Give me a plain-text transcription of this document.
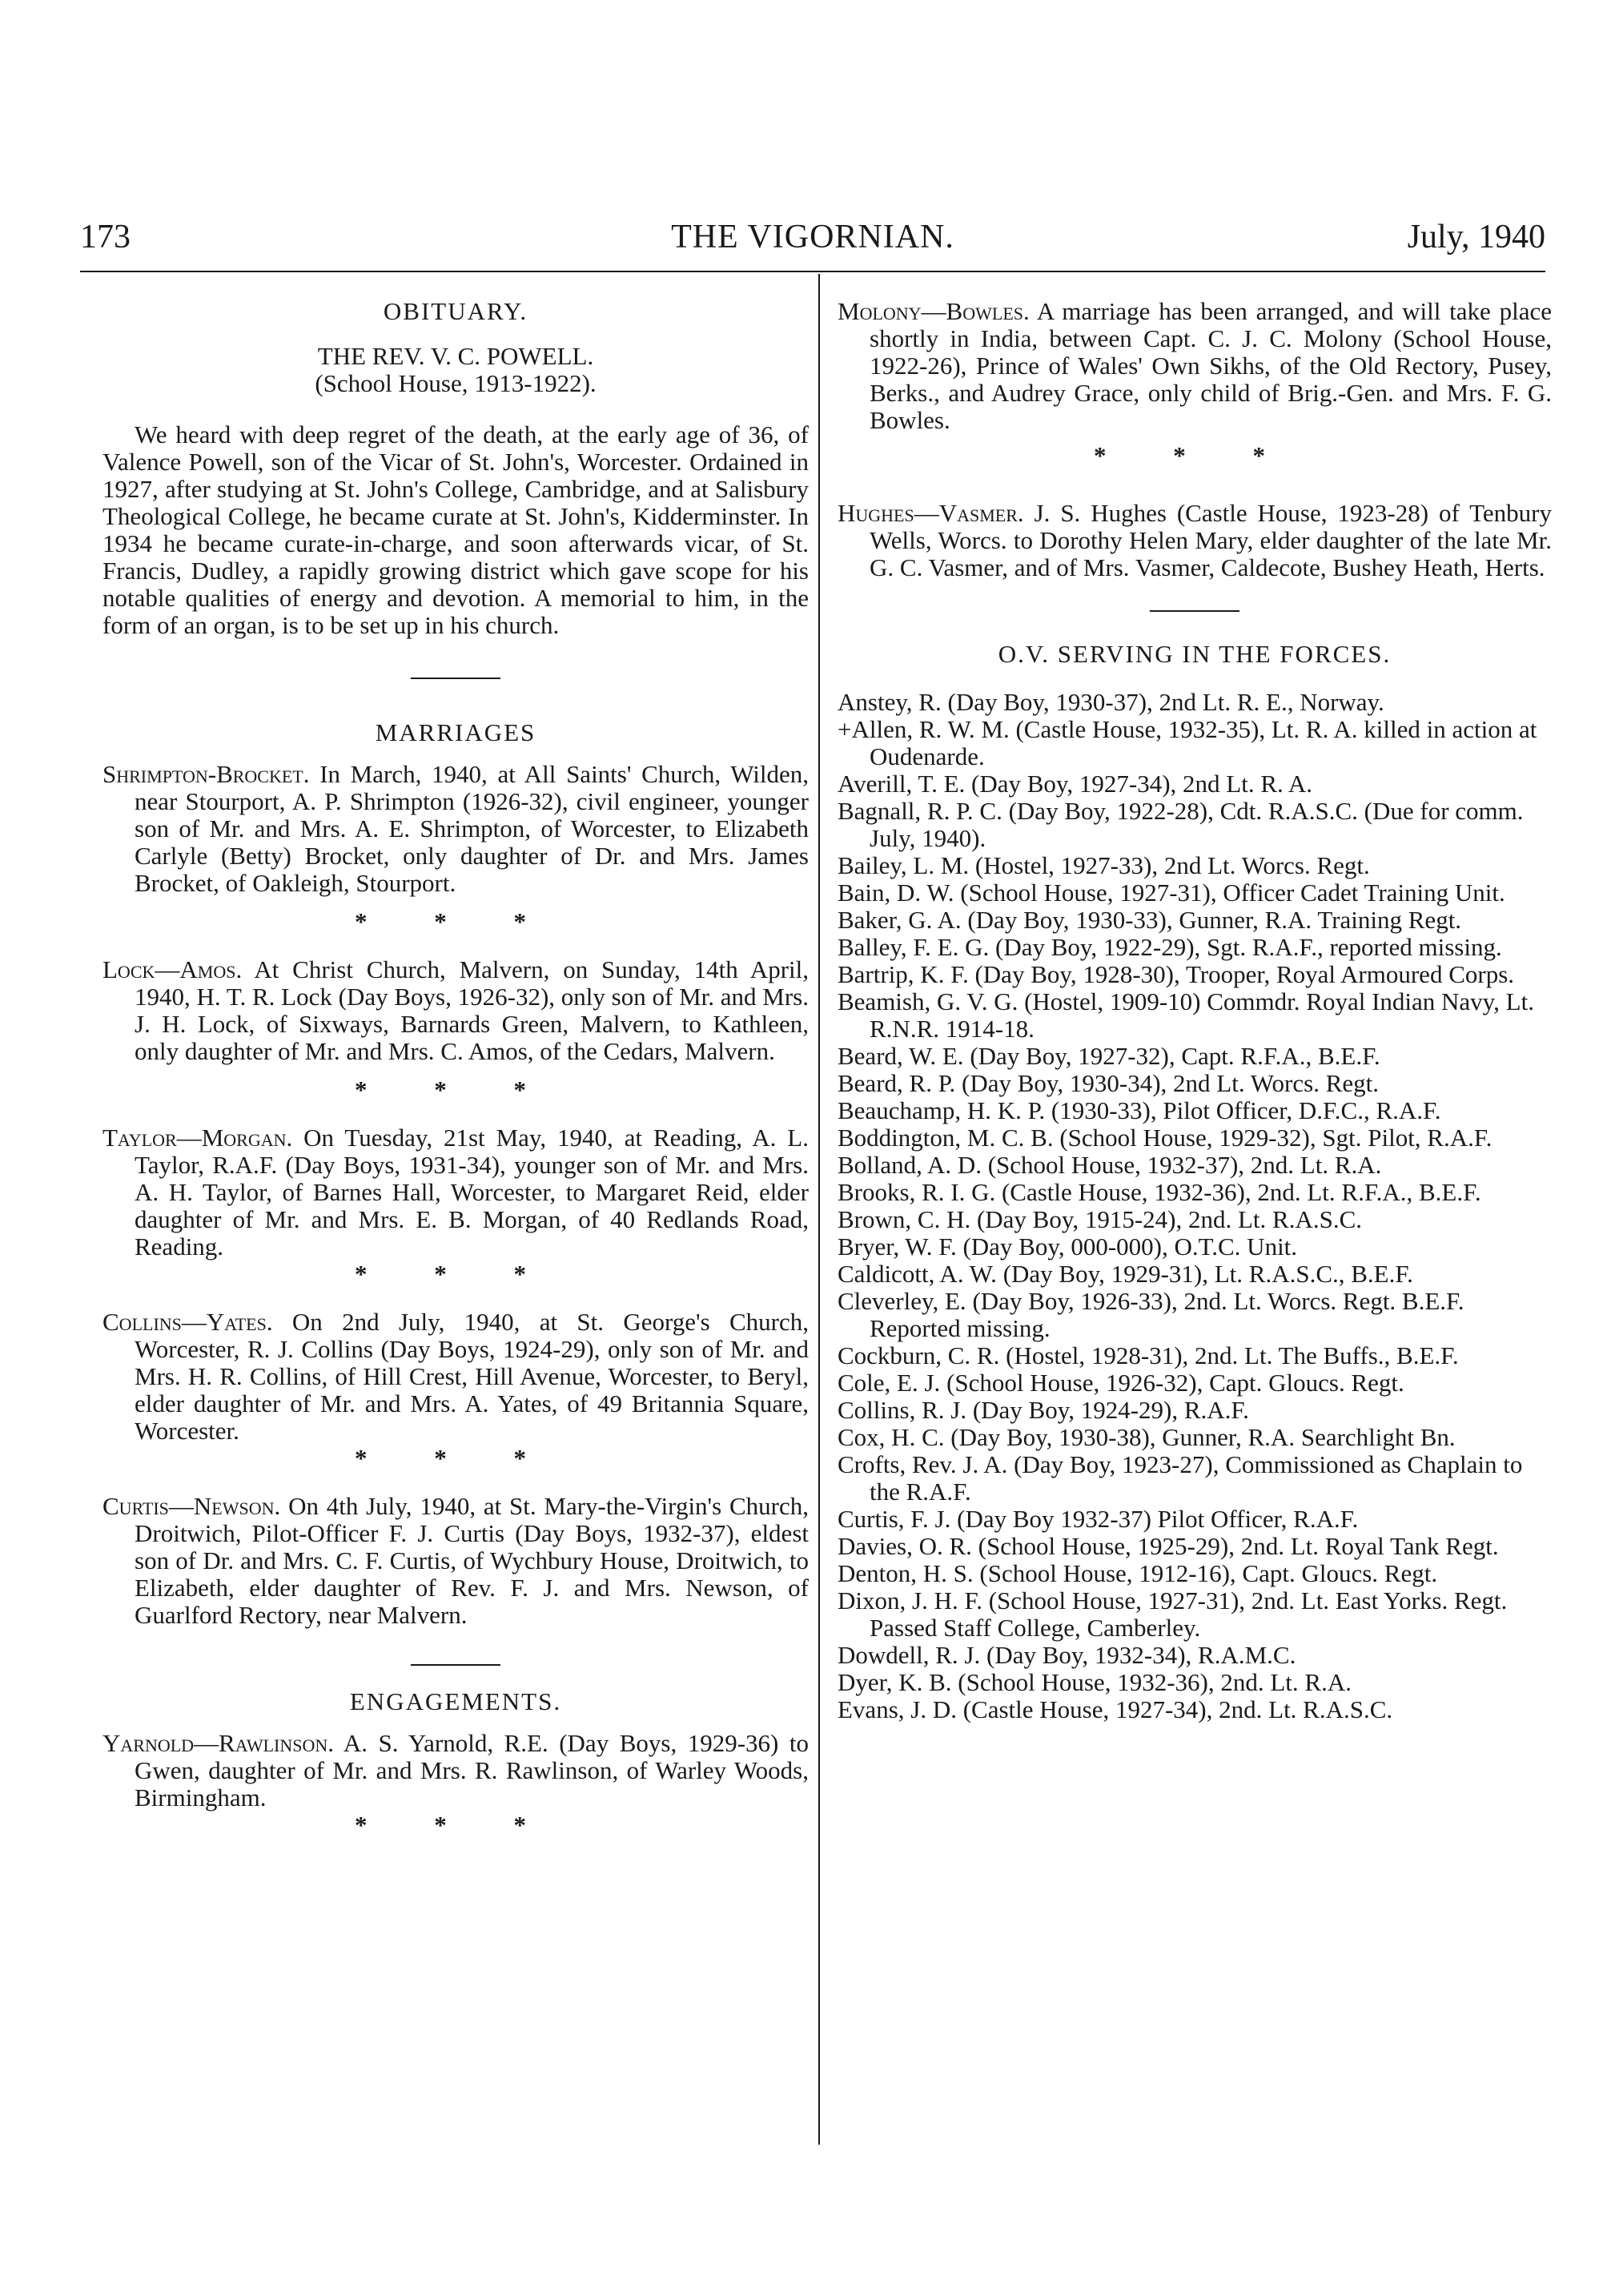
173	THE VIGORNIAN.	July, 1940

OBITUARY.

THE REV. V. C. POWELL.

(School House, 1913-1922).

We heard with deep regret of the death, at the early age of 36, of Valence Powell, son of the Vicar of St. John's, Worcester. Ordained in 1927, after studying at St. John's College, Cambridge, and at Salisbury Theological College, he became curate at St. John's, Kidderminster. In 1934 he became curate-in-charge, and soon afterwards vicar, of St. Francis, Dudley, a rapidly growing district which gave scope for his notable qualities of energy and devotion. A memorial to him, in the form of an organ, is to be set up in his church.

MARRIAGES

Shrimpton-Brocket. In March, 1940, at All Saints' Church, Wilden, near Stourport, A. P. Shrimpton (1926-32), civil engineer, younger son of Mr. and Mrs. A. E. Shrimpton, of Worcester, to Elizabeth Carlyle (Betty) Brocket, only daughter of Dr. and Mrs. James Brocket, of Oakleigh, Stourport.

* * *

Lock—Amos. At Christ Church, Malvern, on Sunday, 14th April, 1940, H. T. R. Lock (Day Boys, 1926-32), only son of Mr. and Mrs. J. H. Lock, of Sixways, Barnards Green, Malvern, to Kathleen, only daughter of Mr. and Mrs. C. Amos, of the Cedars, Malvern.

* * *

Taylor—Morgan. On Tuesday, 21st May, 1940, at Reading, A. L. Taylor, R.A.F. (Day Boys, 1931-34), younger son of Mr. and Mrs. A. H. Taylor, of Barnes Hall, Worcester, to Margaret Reid, elder daughter of Mr. and Mrs. E. B. Morgan, of 40 Redlands Road, Reading.

* * *

Collins—Yates. On 2nd July, 1940, at St. George's Church, Worcester, R. J. Collins (Day Boys, 1924-29), only son of Mr. and Mrs. H. R. Collins, of Hill Crest, Hill Avenue, Worcester, to Beryl, elder daughter of Mr. and Mrs. A. Yates, of 49 Britannia Square, Worcester.

* * *

Curtis—Newson. On 4th July, 1940, at St. Mary-the-Virgin's Church, Droitwich, Pilot-Officer F. J. Curtis (Day Boys, 1932-37), eldest son of Dr. and Mrs. C. F. Curtis, of Wychbury House, Droitwich, to Elizabeth, elder daughter of Rev. F. J. and Mrs. Newson, of Guarlford Rectory, near Malvern.

ENGAGEMENTS.

Yarnold—Rawlinson. A. S. Yarnold, R.E. (Day Boys, 1929-36) to Gwen, daughter of Mr. and Mrs. R. Rawlinson, of Warley Woods, Birmingham.

* * *

Molony—Bowles. A marriage has been arranged, and will take place shortly in India, between Capt. C. J. C. Molony (School House, 1922-26), Prince of Wales' Own Sikhs, of the Old Rectory, Pusey, Berks., and Audrey Grace, only child of Brig.-Gen. and Mrs. F. G. Bowles.

* * *

Hughes—Vasmer. J. S. Hughes (Castle House, 1923-28) of Tenbury Wells, Worcs. to Dorothy Helen Mary, elder daughter of the late Mr. G. C. Vasmer, and of Mrs. Vasmer, Caldecote, Bushey Heath, Herts.

O.V. SERVING IN THE FORCES.

Anstey, R. (Day Boy, 1930-37), 2nd Lt. R. E., Norway.

+Allen, R. W. M. (Castle House, 1932-35), Lt. R. A. killed in action at Oudenarde.

Averill, T. E. (Day Boy, 1927-34), 2nd Lt. R. A.

Bagnall, R. P. C. (Day Boy, 1922-28), Cdt. R.A.S.C. (Due for comm. July, 1940).

Bailey, L. M. (Hostel, 1927-33), 2nd Lt. Worcs. Regt.

Bain, D. W. (School House, 1927-31), Officer Cadet Training Unit.

Baker, G. A. (Day Boy, 1930-33), Gunner, R.A. Training Regt.

Balley, F. E. G. (Day Boy, 1922-29), Sgt. R.A.F., reported missing.

Bartrip, K. F. (Day Boy, 1928-30), Trooper, Royal Armoured Corps.

Beamish, G. V. G. (Hostel, 1909-10) Commdr. Royal Indian Navy, Lt. R.N.R. 1914-18.

Beard, W. E. (Day Boy, 1927-32), Capt. R.F.A., B.E.F.

Beard, R. P. (Day Boy, 1930-34), 2nd Lt. Worcs. Regt.

Beauchamp, H. K. P. (1930-33), Pilot Officer, D.F.C., R.A.F.

Boddington, M. C. B. (School House, 1929-32), Sgt. Pilot, R.A.F.

Bolland, A. D. (School House, 1932-37), 2nd. Lt. R.A.

Brooks, R. I. G. (Castle House, 1932-36), 2nd. Lt. R.F.A., B.E.F.

Brown, C. H. (Day Boy, 1915-24), 2nd. Lt. R.A.S.C.

Bryer, W. F. (Day Boy, 000-000), O.T.C. Unit.

Caldicott, A. W. (Day Boy, 1929-31), Lt. R.A.S.C., B.E.F.

Cleverley, E. (Day Boy, 1926-33), 2nd. Lt. Worcs. Regt. B.E.F. Reported missing.

Cockburn, C. R. (Hostel, 1928-31), 2nd. Lt. The Buffs., B.E.F.

Cole, E. J. (School House, 1926-32), Capt. Gloucs. Regt.

Collins, R. J. (Day Boy, 1924-29), R.A.F.

Cox, H. C. (Day Boy, 1930-38), Gunner, R.A. Searchlight Bn.

Crofts, Rev. J. A. (Day Boy, 1923-27), Commissioned as Chaplain to the R.A.F.

Curtis, F. J. (Day Boy 1932-37) Pilot Officer, R.A.F.

Davies, O. R. (School House, 1925-29), 2nd. Lt. Royal Tank Regt.

Denton, H. S. (School House, 1912-16), Capt. Gloucs. Regt.

Dixon, J. H. F. (School House, 1927-31), 2nd. Lt. East Yorks. Regt. Passed Staff College, Camberley.

Dowdell, R. J. (Day Boy, 1932-34), R.A.M.C.

Dyer, K. B. (School House, 1932-36), 2nd. Lt. R.A.

Evans, J. D. (Castle House, 1927-34), 2nd. Lt. R.A.S.C.
